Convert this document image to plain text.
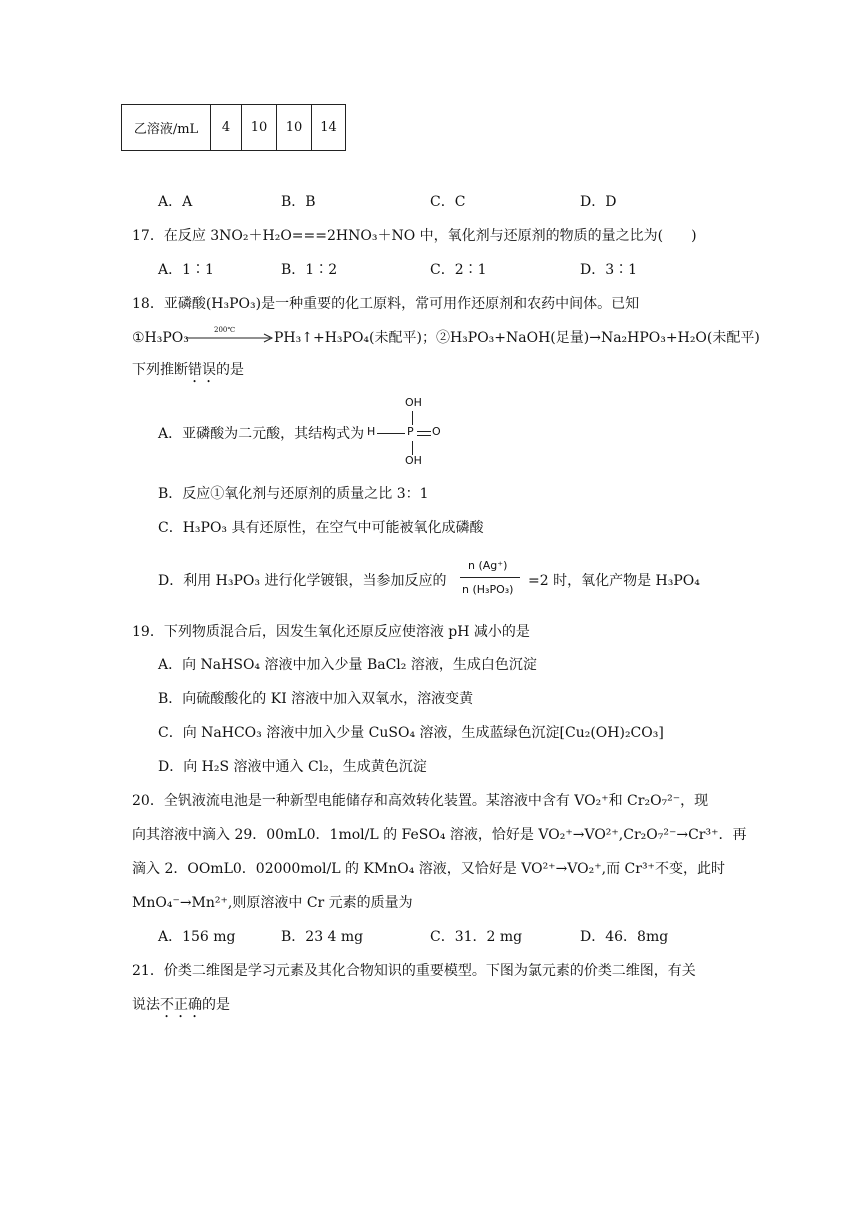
乙溶液/mL	4	10	10	14
A．A	B．B	C．C	D．D
17．在反应 3NO₂＋H₂O===2HNO₃＋NO 中，氧化剂与还原剂的物质的量之比为(　　)
A．1∶1	B．1∶2	C．2∶1	D．3∶1
18．亚磷酸(H₃PO₃)是一种重要的化工原料，常可用作还原剂和农药中间体。已知
①H₃PO₃	200℃	PH₃↑+H₃PO₄(未配平)；②H₃PO₃+NaOH(足量)→Na₂HPO₃+H₂O(未配平)
下列推断错误的是
A．亚磷酸为二元酸，其结构式为
OH
H	P O
OH
B．反应①氧化剂与还原剂的质量之比 3：1
C．H₃PO₃ 具有还原性，在空气中可能被氧化成磷酸
D．利用 H₃PO₃ 进行化学镀银，当参加反应的
n (Ag⁺)
n (H₃PO₃)
=2 时，氧化产物是 H₃PO₄
19．下列物质混合后，因发生氧化还原反应使溶液 pH 减小的是
A．向 NaHSO₄ 溶液中加入少量 BaCl₂ 溶液，生成白色沉淀
B．向硫酸酸化的 KI 溶液中加入双氧水，溶液变黄
C．向 NaHCO₃ 溶液中加入少量 CuSO₄ 溶液，生成蓝绿色沉淀[Cu₂(OH)₂CO₃]
D．向 H₂S 溶液中通入 Cl₂，生成黄色沉淀
20．全钒液流电池是一种新型电能储存和高效转化装置。某溶液中含有 VO₂⁺和 Cr₂O₇²⁻，现
向其溶液中滴入 29．00mL0．1mol/L 的 FeSO₄ 溶液，恰好是 VO₂⁺→VO²⁺,Cr₂O₇²⁻→Cr³⁺．再
滴入 2．OOmL0．02000mol/L 的 KMnO₄ 溶液，又恰好是 VO²⁺→VO₂⁺,而 Cr³⁺不变，此时
MnO₄⁻→Mn²⁺,则原溶液中 Cr 元素的质量为
A．156 mg	B．23 4 mg	C．31．2 mg	D．46．8mg
21．价类二维图是学习元素及其化合物知识的重要模型。下图为氯元素的价类二维图，有关
说法不正确的是
